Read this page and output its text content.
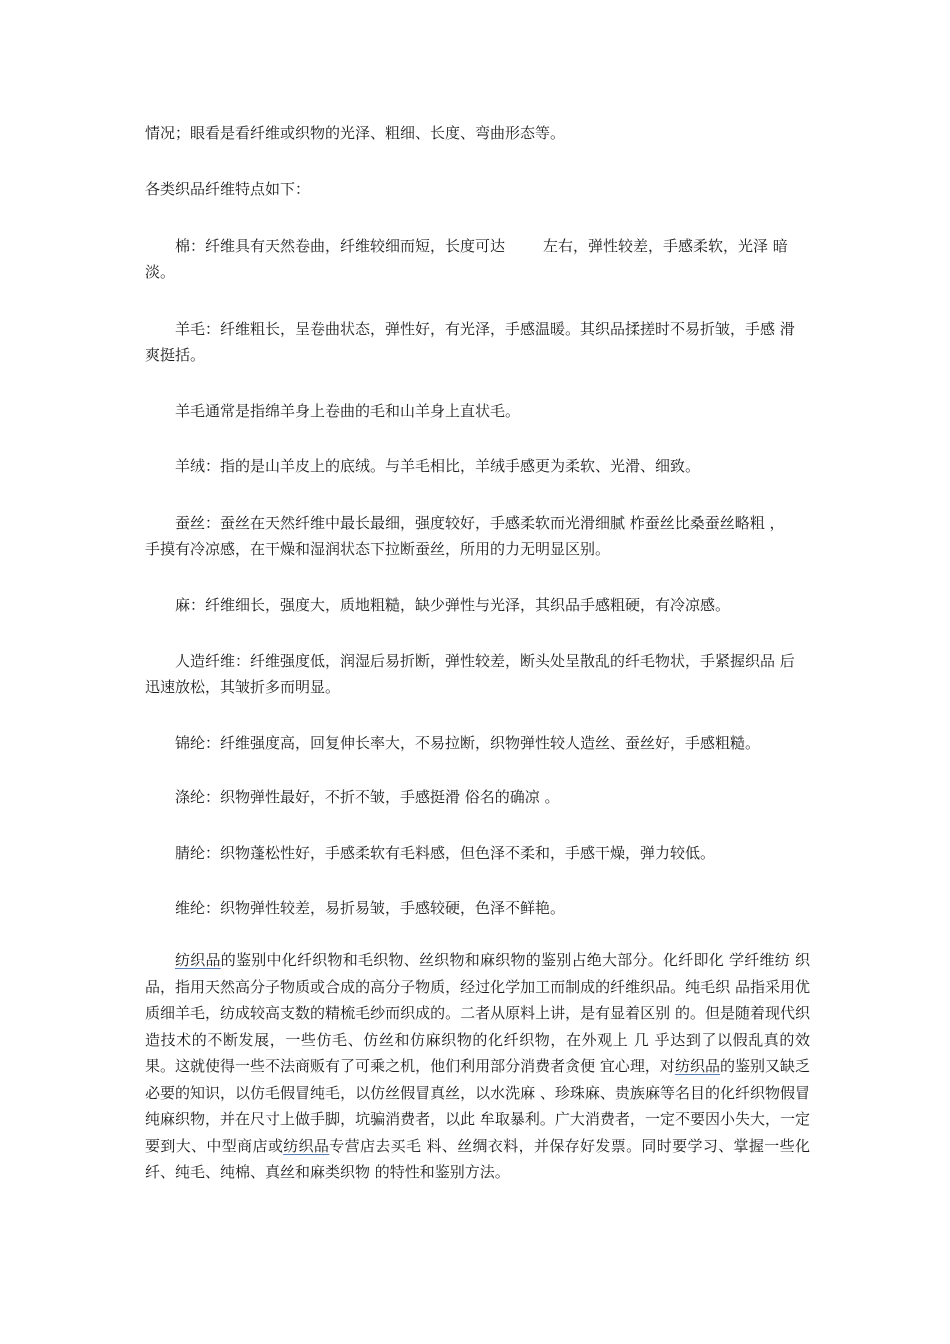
情况；眼看是看纤维或织物的光泽、粗细、长度、弯曲形态等。
各类织品纤维特点如下：
棉：纤维具有天然卷曲，纤维较细而短，长度可达	左右，弹性较差，手感柔软，光泽 暗
淡。
羊毛：纤维粗长，呈卷曲状态，弹性好，有光泽，手感温暖。其织品揉搓时不易折皱，手感 滑
爽挺括。
羊毛通常是指绵羊身上卷曲的毛和山羊身上直状毛。
羊绒：指的是山羊皮上的底绒。与羊毛相比，羊绒手感更为柔软、光滑、细致。
蚕丝：蚕丝在天然纤维中最长最细，强度较好，手感柔软而光滑细腻 柞蚕丝比桑蚕丝略粗 ，
手摸有冷凉感，在干燥和湿润状态下拉断蚕丝，所用的力无明显区别。
麻：纤维细长，强度大，质地粗糙，缺少弹性与光泽，其织品手感粗硬，有冷凉感。
人造纤维：纤维强度低，润湿后易折断，弹性较差，断头处呈散乱的纤毛物状，手紧握织品 后
迅速放松，其皱折多而明显。
锦纶：纤维强度高，回复伸长率大，不易拉断，织物弹性较人造丝、蚕丝好，手感粗糙。
涤纶：织物弹性最好，不折不皱，手感挺滑 俗名的确凉 。
腈纶：织物蓬松性好，手感柔软有毛料感，但色泽不柔和，手感干燥，弹力较低。
维纶：织物弹性较差，易折易皱，手感较硬，色泽不鲜艳。
纺织品的鉴别中化纤织物和毛织物、丝织物和麻织物的鉴别占绝大部分。化纤即化 学纤维纺 织品，指用天然高分子物质或合成的高分子物质，经过化学加工而制成的纤维织品。纯毛织 品指采用优质细羊毛，纺成较高支数的精梳毛纱而织成的。二者从原料上讲，是有显着区别 的。但是随着现代织造技术的不断发展，一些仿毛、仿丝和仿麻织物的化纤织物，在外观上 几 乎达到了以假乱真的效果。这就使得一些不法商贩有了可乘之机，他们利用部分消费者贪便 宜心理，对纺织品的鉴别又缺乏必要的知识，以仿毛假冒纯毛，以仿丝假冒真丝，以水洗麻 、珍珠麻、贵族麻等名目的化纤织物假冒纯麻织物，并在尺寸上做手脚，坑骗消费者，以此 牟取暴利。广大消费者，一定不要因小失大，一定要到大、中型商店或纺织品专营店去买毛 料、丝绸衣料，并保存好发票。同时要学习、掌握一些化纤、纯毛、纯棉、真丝和麻类织物 的特性和鉴别方法。
